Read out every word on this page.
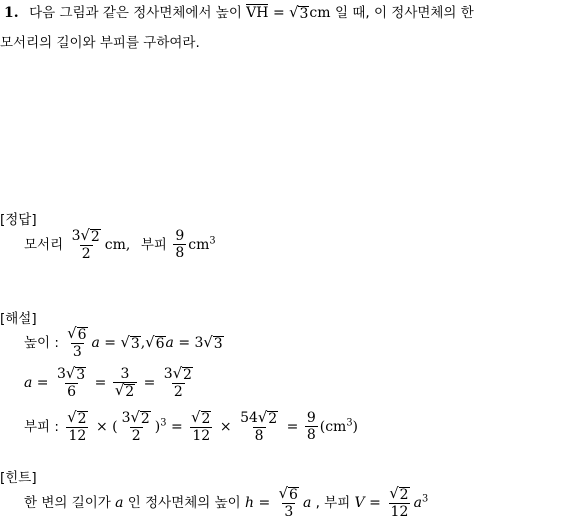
1. 다음 그림과 같은 정사면체에서 높이 VH = √ 3 cm 일 때, 이 정사면체의 한
모서리의 길이와 부피를 구하여라.
[정답]
모서리 $\frac{3 √ 2}{2}$ cm, 부피 $\frac{9}{8} cm^3$
[해설]
높이 : $\frac{√ 6}{3}$ a = √ 3 , √ 6 a = 3 √ 3
$a = \frac{3 √ 3}{6} = \frac{3}{√ 2} = \frac{3 √ 2}{2}$
부피 : $\frac{√ 2}{12}$ × ( $\frac{3 √ 2}{2} )^3 = \frac{√ 2}{12} \times \frac{54 √ 2}{8} = \frac{9}{8} (cm^3)$
[힌트]
한 변의 길이가 a 인 정사면체의 높이 $h = \frac{√ 6}{3}$ a , 부피 $V = \frac{√ 2}{12} a^3$
